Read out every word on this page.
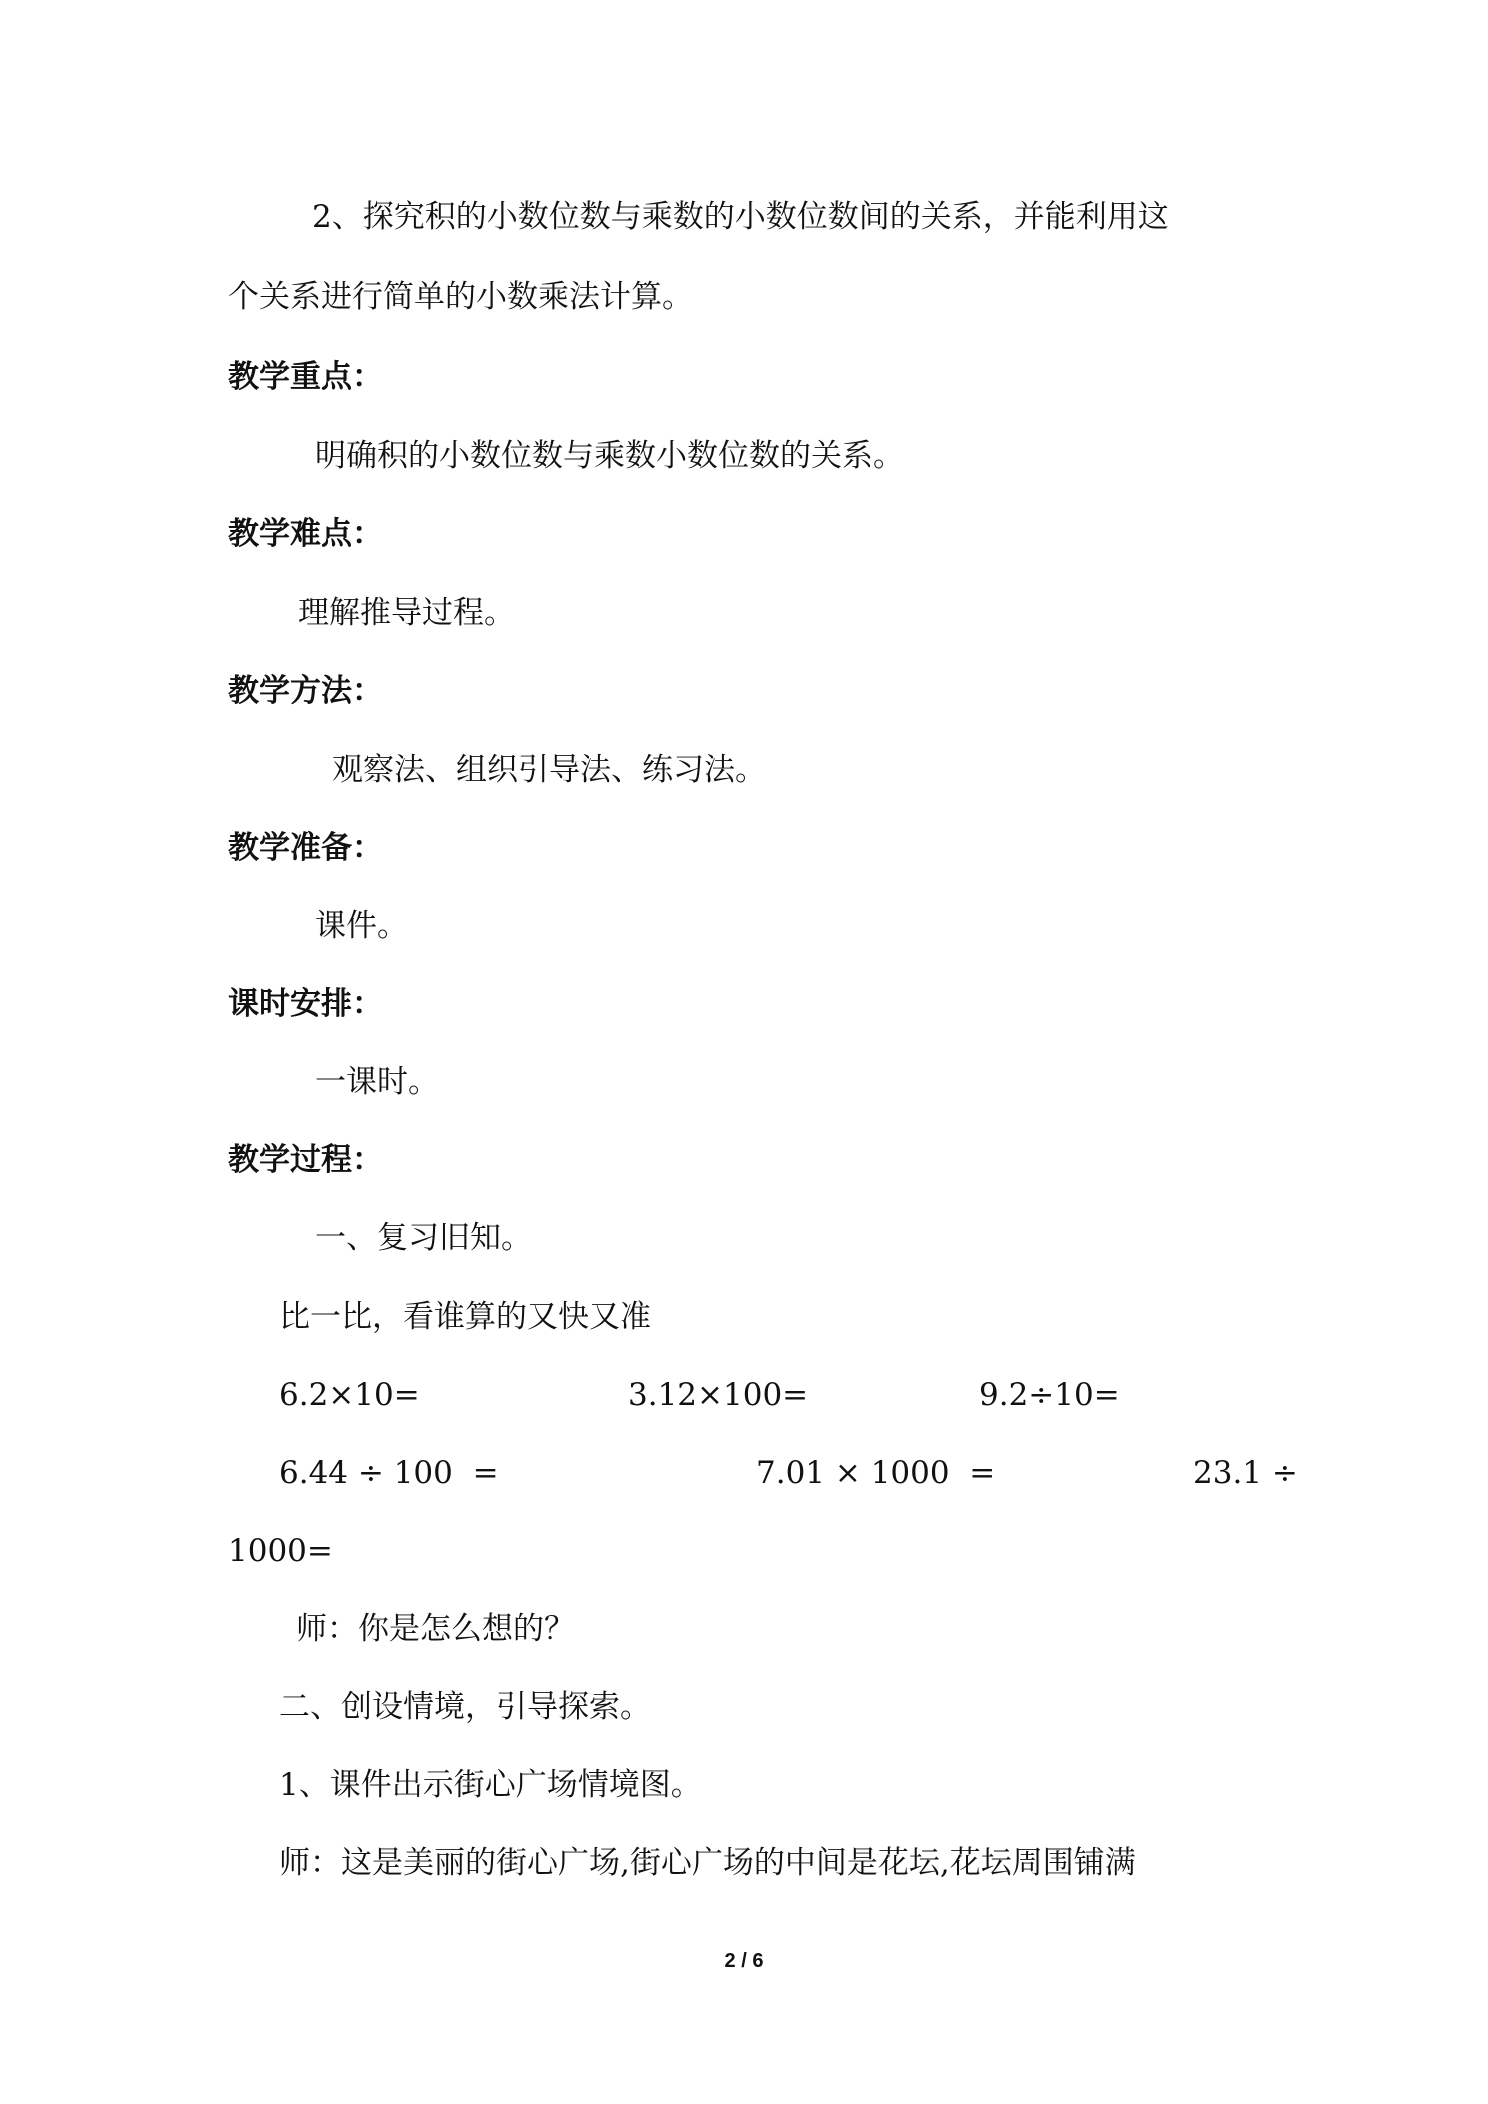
2、探究积的小数位数与乘数的小数位数间的关系，并能利用这
个关系进行简单的小数乘法计算。
教学重点：
明确积的小数位数与乘数小数位数的关系。
教学难点：
理解推导过程。
教学方法：
观察法、组织引导法、练习法。
教学准备：
课件。
课时安排：
一课时。
教学过程：
一、复习旧知。
比一比，看谁算的又快又准
6.2×10=	3.12×100=	9.2÷10=
6.44 ÷ 100  =	7.01 × 1000  =	23.1 ÷
1000=
师：你是怎么想的？
二、创设情境，引导探索。
1、课件出示街心广场情境图。
师：这是美丽的街心广场,街心广场的中间是花坛,花坛周围铺满
2 / 6
